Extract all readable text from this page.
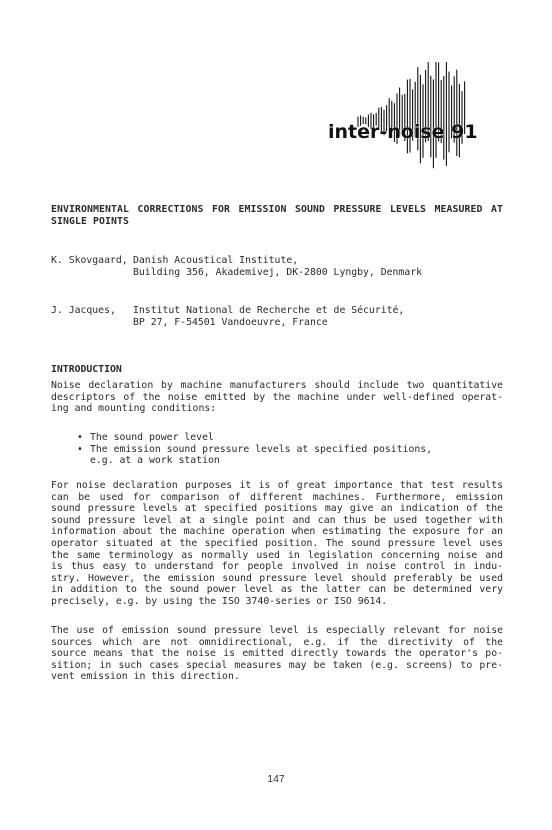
inter-noise 91
ENVIRONMENTAL CORRECTIONS FOR EMISSION SOUND PRESSURE LEVELS MEASURED AT
SINGLE POINTS
K. Skovgaard, Danish Acoustical Institute,
Building 356, Akademivej, DK-2800 Lyngby, Denmark
J. Jacques,	Institut National de Recherche et de Sécurité,
BP 27, F-54501 Vandoeuvre, France
INTRODUCTION
Noise declaration by machine manufacturers should include two quantitative
descriptors of the noise emitted by the machine under well-defined operat-
ing and mounting conditions:
• The sound power level
• The emission sound pressure levels at specified positions,
e.g. at a work station
For noise declaration purposes it is of great importance that test results
can be used for comparison of different machines. Furthermore, emission
sound pressure levels at specified positions may give an indication of the
sound pressure level at a single point and can thus be used together with
information about the machine operation when estimating the exposure for an
operator situated at the specified position. The sound pressure level uses
the same terminology as normally used in legislation concerning noise and
is thus easy to understand for people involved in noise control in indu-
stry. However, the emission sound pressure level should preferably be used
in addition to the sound power level as the latter can be determined very
precisely, e.g. by using the ISO 3740-series or ISO 9614.
The use of emission sound pressure level is especially relevant for noise
sources which are not omnidirectional, e.g. if the directivity of the
source means that the noise is emitted directly towards the operator's po-
sition; in such cases special measures may be taken (e.g. screens) to pre-
vent emission in this direction.
147
